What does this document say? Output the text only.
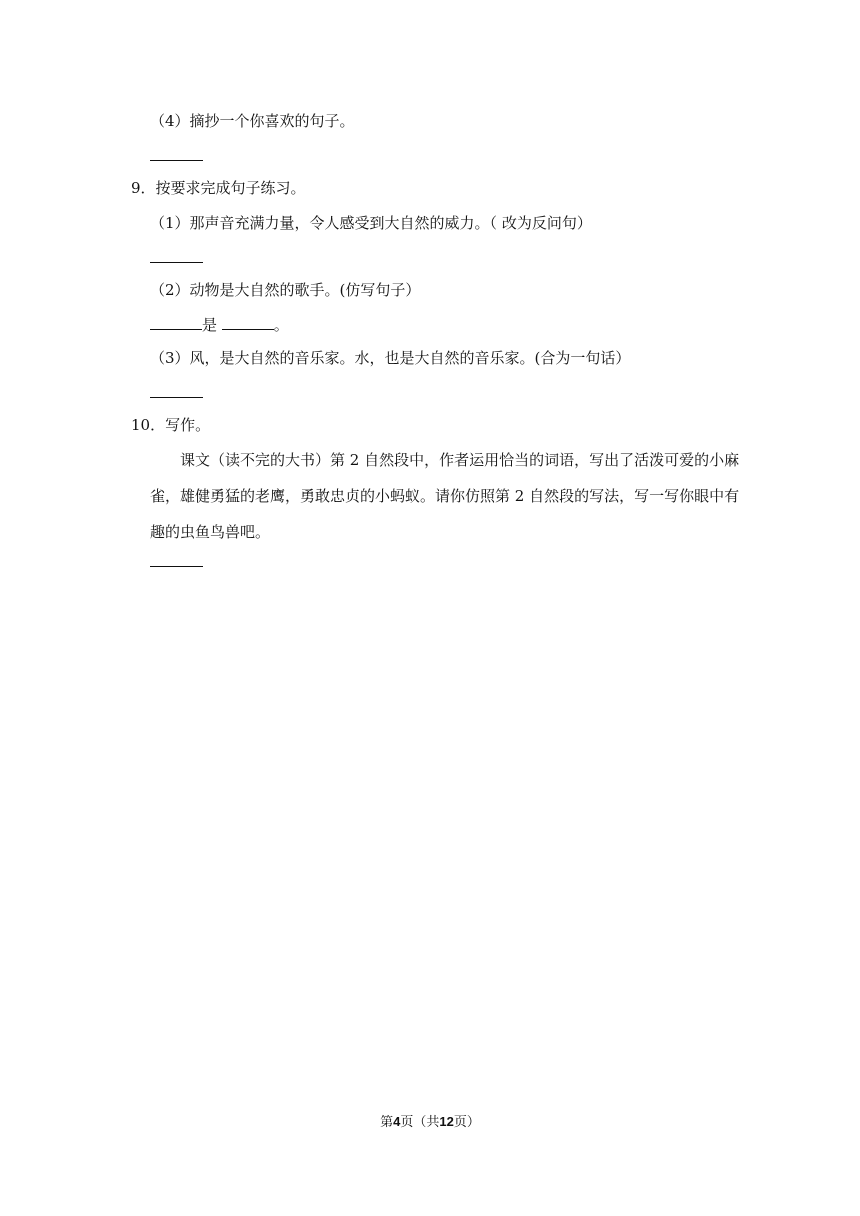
（4）摘抄一个你喜欢的句子。
9．按要求完成句子练习。
（1）那声音充满力量，令人感受到大自然的威力。（ 改为反问句）
（2）动物是大自然的歌手。(仿写句子）
是	。
（3）风，是大自然的音乐家。水，也是大自然的音乐家。(合为一句话）
10．写作。
课文（读不完的大书）第 2 自然段中，作者运用恰当的词语，写出了活泼可爱的小麻雀，雄健勇猛的老鹰，勇敢忠贞的小蚂蚁。请你仿照第 2 自然段的写法，写一写你眼中有趣的虫鱼鸟兽吧。
第4页（共12页）
